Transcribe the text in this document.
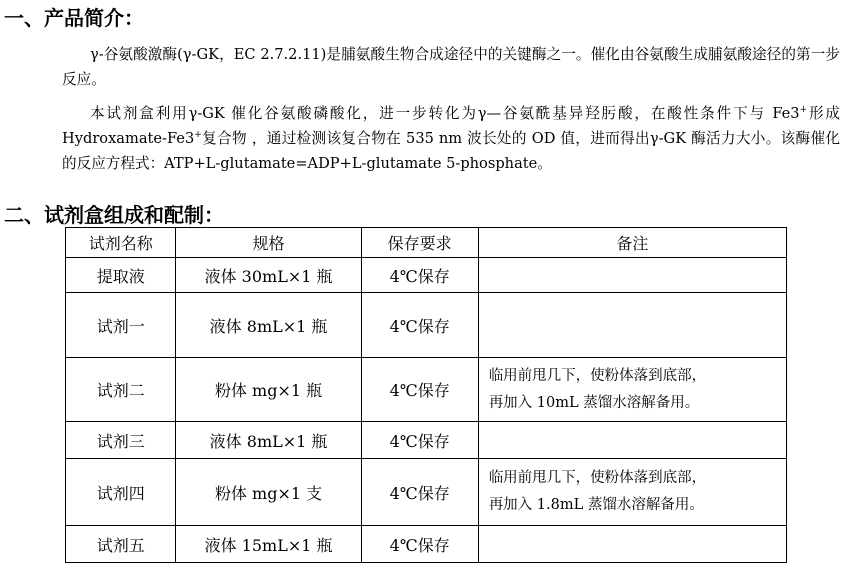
一、产品简介：
γ-谷氨酸激酶(γ-GK，EC 2.7.2.11)是脯氨酸生物合成途径中的关键酶之一。催化由谷氨酸生成脯氨酸途径的第一步反应。
本试剂盒利用γ-GK 催化谷氨酸磷酸化，进一步转化为γ—谷氨酰基异羟肟酸，在酸性条件下与 Fe3+形成 Hydroxamate-Fe3+复合物 ，通过检测该复合物在 535 nm 波长处的 OD 值，进而得出γ-GK 酶活力大小。该酶催化的反应方程式：ATP+L-glutamate=ADP+L-glutamate 5-phosphate。
二、试剂盒组成和配制：
试剂名称	规格	保存要求	备注
提取液	液体 30mL×1 瓶	4℃保存	
试剂一	液体 8mL×1 瓶	4℃保存	
试剂二	粉体 mg×1 瓶	4℃保存	临用前甩几下，使粉体落到底部，
再加入 10mL 蒸馏水溶解备用。
试剂三	液体 8mL×1 瓶	4℃保存	
试剂四	粉体 mg×1 支	4℃保存	临用前甩几下，使粉体落到底部，
再加入 1.8mL 蒸馏水溶解备用。
试剂五	液体 15mL×1 瓶	4℃保存	
